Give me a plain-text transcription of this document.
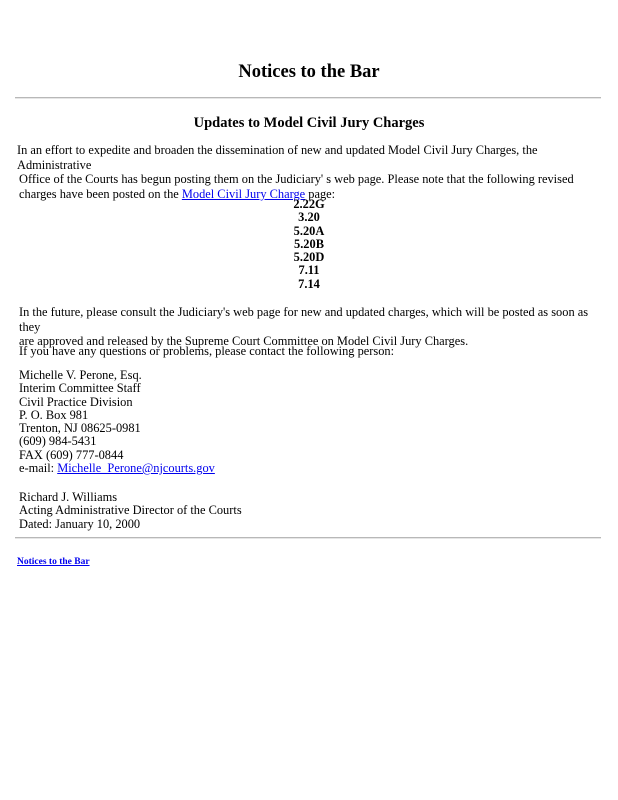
Notices to the Bar
Updates to Model Civil Jury Charges

In an effort to expedite and broaden the dissemination of new and updated Model Civil Jury Charges, the Administrative
Office of the Courts has begun posting them on the Judiciary' s web page. Please note that the following revised
charges have been posted on the Model Civil Jury Charge page:

2.22G
3.20
5.20A
5.20B
5.20D
7.11
7.14

In the future, please consult the Judiciary's web page for new and updated charges, which will be posted as soon as they
are approved and released by the Supreme Court Committee on Model Civil Jury Charges.

If you have any questions or problems, please contact the following person:

Michelle V. Perone, Esq.
Interim Committee Staff
Civil Practice Division
P. O. Box 981
Trenton, NJ 08625-0981
(609) 984-5431
FAX (609) 777-0844
e-mail: Michelle_Perone@njcourts.gov
Richard J. Williams
Acting Administrative Director of the Courts
Dated: January 10, 2000
Notices to the Bar
